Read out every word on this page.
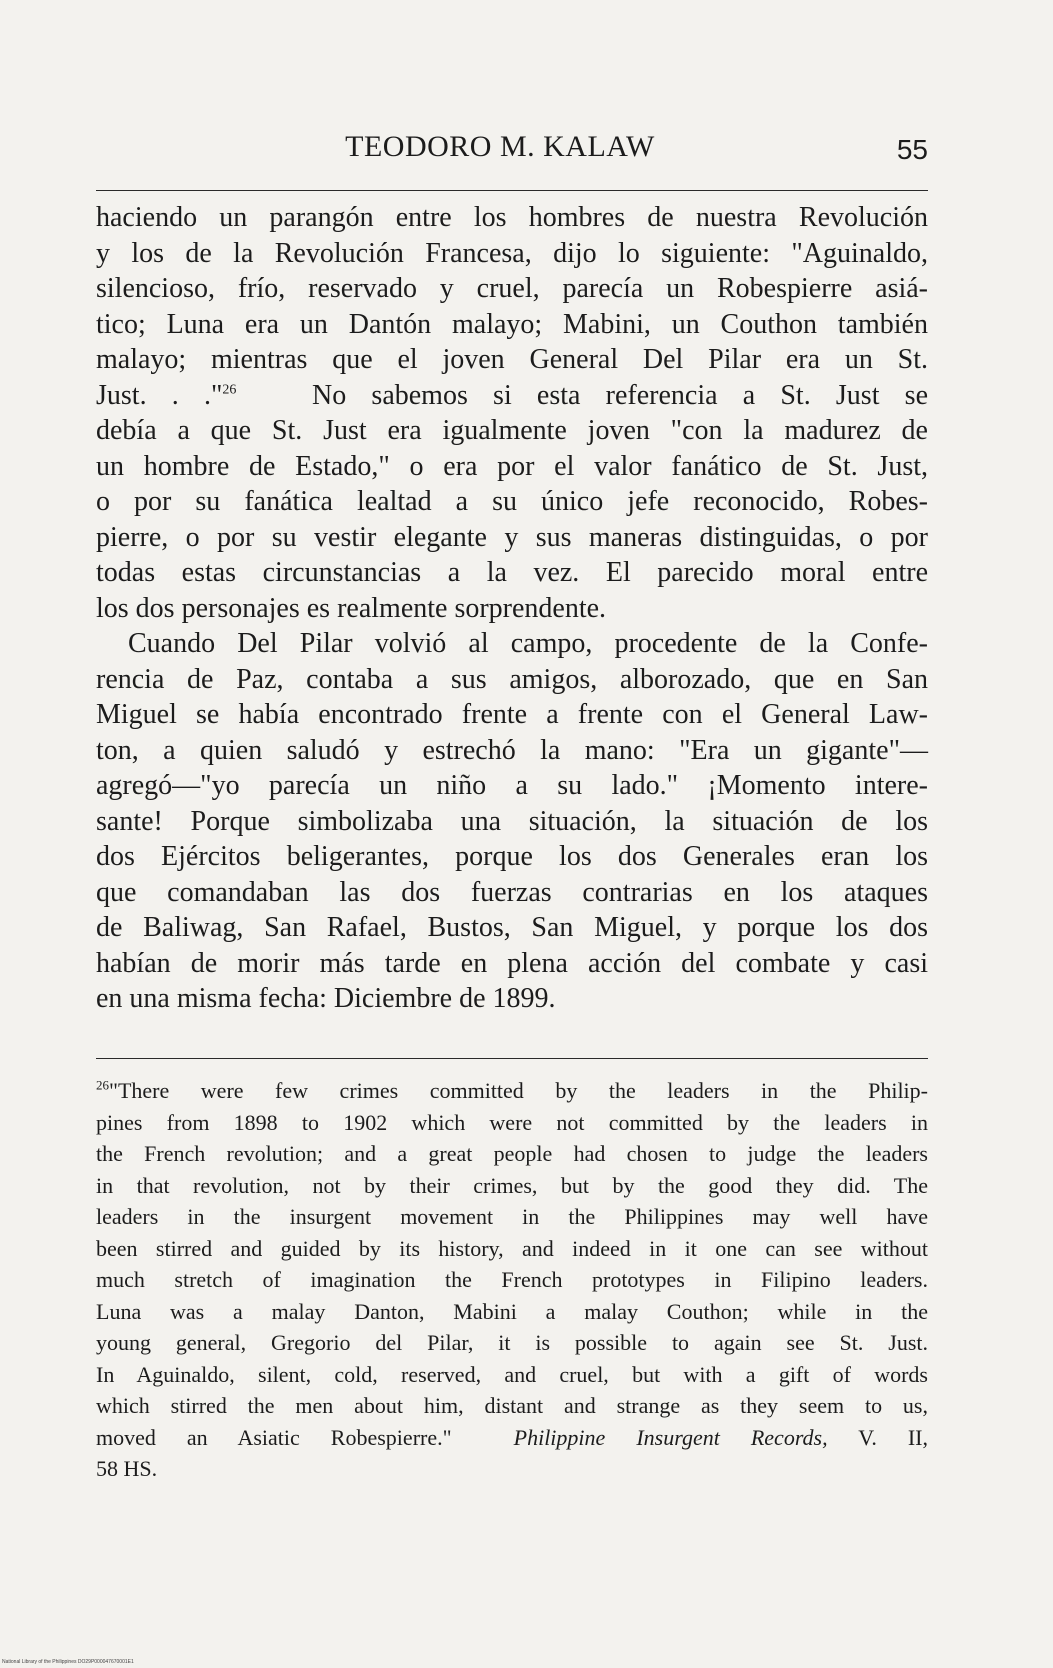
TEODORO M. KALAW	55
haciendo un parangón entre los hombres de nuestra Revolución
y los de la Revolución Francesa, dijo lo siguiente: "Aguinaldo,
silencioso, frío, reservado y cruel, parecía un Robespierre asiá-
tico; Luna era un Dantón malayo; Mabini, un Couthon también
malayo; mientras que el joven General Del Pilar era un St.
Just. . ."$^{26}$	No sabemos si esta referencia a St. Just se
debía a que St. Just era igualmente joven "con la madurez de
un hombre de Estado," o era por el valor fanático de St. Just,
o por su fanática lealtad a su único jefe reconocido, Robes-
pierre, o por su vestir elegante y sus maneras distinguidas, o por
todas estas circunstancias a la vez. El parecido moral entre
los dos personajes es realmente sorprendente.
Cuando Del Pilar volvió al campo, procedente de la Confe-
rencia de Paz, contaba a sus amigos, alborozado, que en San
Miguel se había encontrado frente a frente con el General Law-
ton, a quien saludó y estrechó la mano: "Era un gigante"—
agregó—"yo parecía un niño a su lado." ¡Momento intere-
sante! Porque simbolizaba una situación, la situación de los
dos Ejércitos beligerantes, porque los dos Generales eran los
que comandaban las dos fuerzas contrarias en los ataques
de Baliwag, San Rafael, Bustos, San Miguel, y porque los dos
habían de morir más tarde en plena acción del combate y casi
en una misma fecha: Diciembre de 1899.
$^{26}$"There were few crimes committed by the leaders in the Philip-
pines from 1898 to 1902 which were not committed by the leaders in
the French revolution; and a great people had chosen to judge the leaders
in that revolution, not by their crimes, but by the good they did. The
leaders in the insurgent movement in the Philippines may well have
been stirred and guided by its history, and indeed in it one can see without
much stretch of imagination the French prototypes in Filipino leaders.
Luna was a malay Danton, Mabini a malay Couthon; while in the
young general, Gregorio del Pilar, it is possible to again see St. Just.
In Aguinaldo, silent, cold, reserved, and cruel, but with a gift of words
which stirred the men about him, distant and strange as they seem to us,
moved an Asiatic Robespierre."	Philippine Insurgent Records, V. II,
58 HS.
National Library of the Philippines DO29P000047670001E1
